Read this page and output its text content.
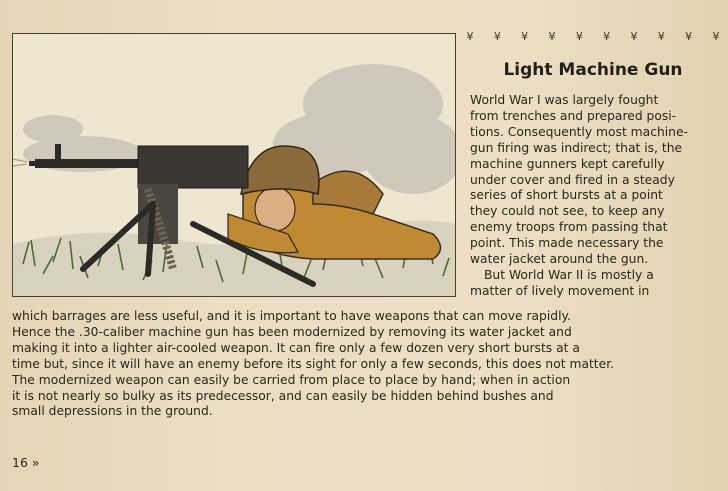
¥ ¥ ¥ ¥ ¥ ¥ ¥ ¥ ¥ ¥
Light Machine Gun
World War I was largely fought
from trenches and prepared posi-
tions. Consequently most machine-
gun firing was indirect; that is, the
machine gunners kept carefully
under cover and fired in a steady
series of short bursts at a point
they could not see, to keep any
enemy troops from passing that
point. This made necessary the
water jacket around the gun.
But World War II is mostly a
matter of lively movement in
which barrages are less useful, and it is important to have weapons that can move rapidly.
Hence the .30-caliber machine gun has been modernized by removing its water jacket and
making it into a lighter air-cooled weapon. It can fire only a few dozen very short bursts at a
time but, since it will have an enemy before its sight for only a few seconds, this does not matter.
The modernized weapon can easily be carried from place to place by hand; when in action
it is not nearly so bulky as its predecessor, and can easily be hidden behind bushes and
small depressions in the ground.
16 »
